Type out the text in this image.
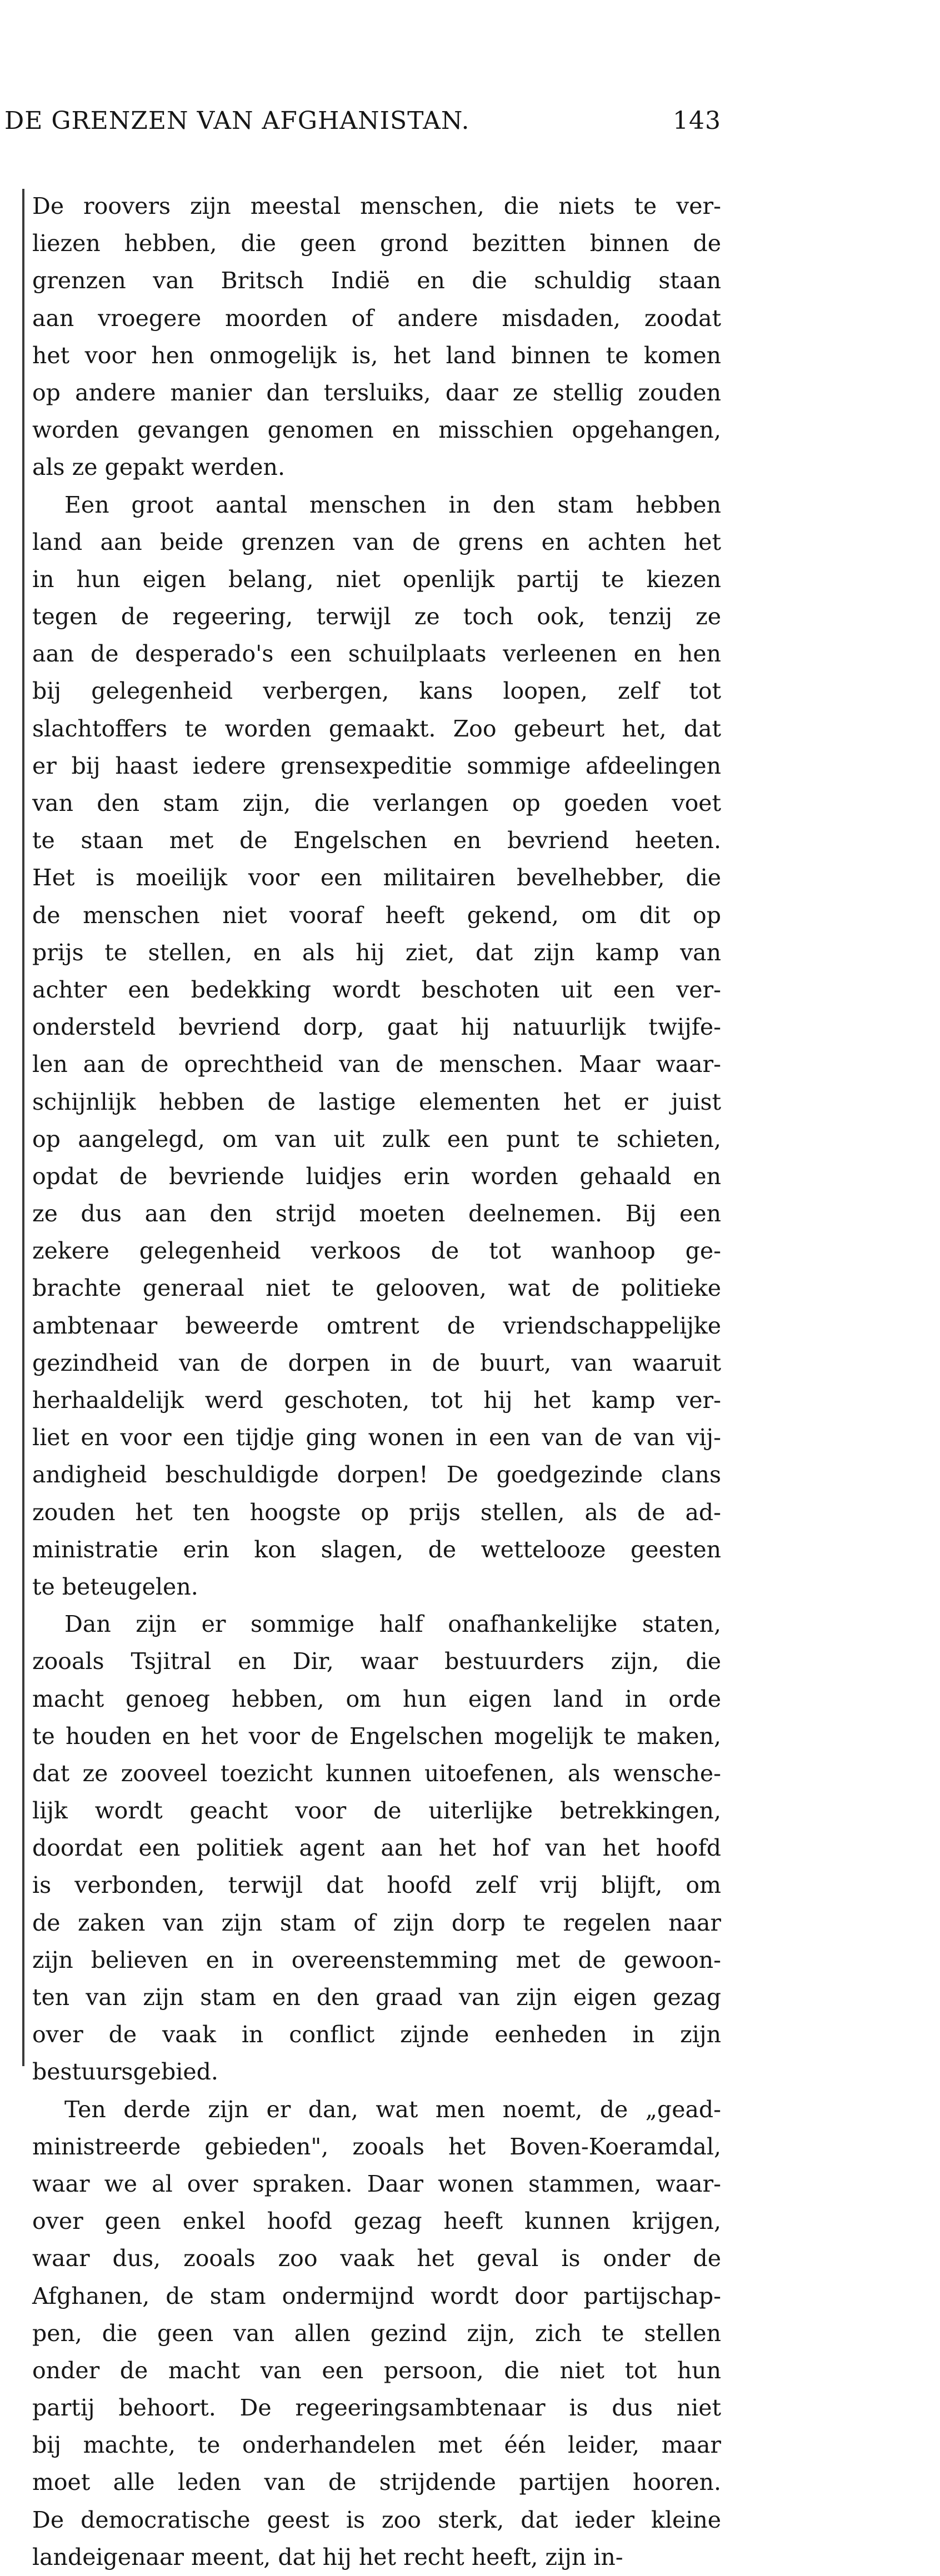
DE GRENZEN VAN AFGHANISTAN.	143
De roovers zijn meestal menschen, die niets te ver-
liezen hebben, die geen grond bezitten binnen de
grenzen van Britsch Indië en die schuldig staan
aan vroegere moorden of andere misdaden, zoodat
het voor hen onmogelijk is, het land binnen te komen
op andere manier dan tersluiks, daar ze stellig zouden
worden gevangen genomen en misschien opgehangen,
als ze gepakt werden.
Een groot aantal menschen in den stam hebben
land aan beide grenzen van de grens en achten het
in hun eigen belang, niet openlijk partij te kiezen
tegen de regeering, terwijl ze toch ook, tenzij ze
aan de desperado's een schuilplaats verleenen en hen
bij gelegenheid verbergen, kans loopen, zelf tot
slachtoffers te worden gemaakt. Zoo gebeurt het, dat
er bij haast iedere grensexpeditie sommige afdeelingen
van den stam zijn, die verlangen op goeden voet
te staan met de Engelschen en bevriend heeten.
Het is moeilijk voor een militairen bevelhebber, die
de menschen niet vooraf heeft gekend, om dit op
prijs te stellen, en als hij ziet, dat zijn kamp van
achter een bedekking wordt beschoten uit een ver-
ondersteld bevriend dorp, gaat hij natuurlijk twijfe-
len aan de oprechtheid van de menschen. Maar waar-
schijnlijk hebben de lastige elementen het er juist
op aangelegd, om van uit zulk een punt te schieten,
opdat de bevriende luidjes erin worden gehaald en
ze dus aan den strijd moeten deelnemen. Bij een
zekere gelegenheid verkoos de tot wanhoop ge-
brachte generaal niet te gelooven, wat de politieke
ambtenaar beweerde omtrent de vriendschappelijke
gezindheid van de dorpen in de buurt, van waaruit
herhaaldelijk werd geschoten, tot hij het kamp ver-
liet en voor een tijdje ging wonen in een van de van vij-
andigheid beschuldigde dorpen! De goedgezinde clans
zouden het ten hoogste op prijs stellen, als de ad-
ministratie erin kon slagen, de wettelooze geesten
te beteugelen.
Dan zijn er sommige half onafhankelijke staten,
zooals Tsjitral en Dir, waar bestuurders zijn, die
macht genoeg hebben, om hun eigen land in orde
te houden en het voor de Engelschen mogelijk te maken,
dat ze zooveel toezicht kunnen uitoefenen, als wensche-
lijk wordt geacht voor de uiterlijke betrekkingen,
doordat een politiek agent aan het hof van het hoofd
is verbonden, terwijl dat hoofd zelf vrij blijft, om
de zaken van zijn stam of zijn dorp te regelen naar
zijn believen en in overeenstemming met de gewoon-
ten van zijn stam en den graad van zijn eigen gezag
over de vaak in conflict zijnde eenheden in zijn
bestuursgebied.
Ten derde zijn er dan, wat men noemt, de „gead-
ministreerde gebieden", zooals het Boven-Koeramdal,
waar we al over spraken. Daar wonen stammen, waar-
over geen enkel hoofd gezag heeft kunnen krijgen,
waar dus, zooals zoo vaak het geval is onder de
Afghanen, de stam ondermijnd wordt door partijschap-
pen, die geen van allen gezind zijn, zich te stellen
onder de macht van een persoon, die niet tot hun
partij behoort. De regeeringsambtenaar is dus niet
bij machte, te onderhandelen met één leider, maar
moet alle leden van de strijdende partijen hooren.
De democratische geest is zoo sterk, dat ieder kleine
landeigenaar meent, dat hij het recht heeft, zijn in-
